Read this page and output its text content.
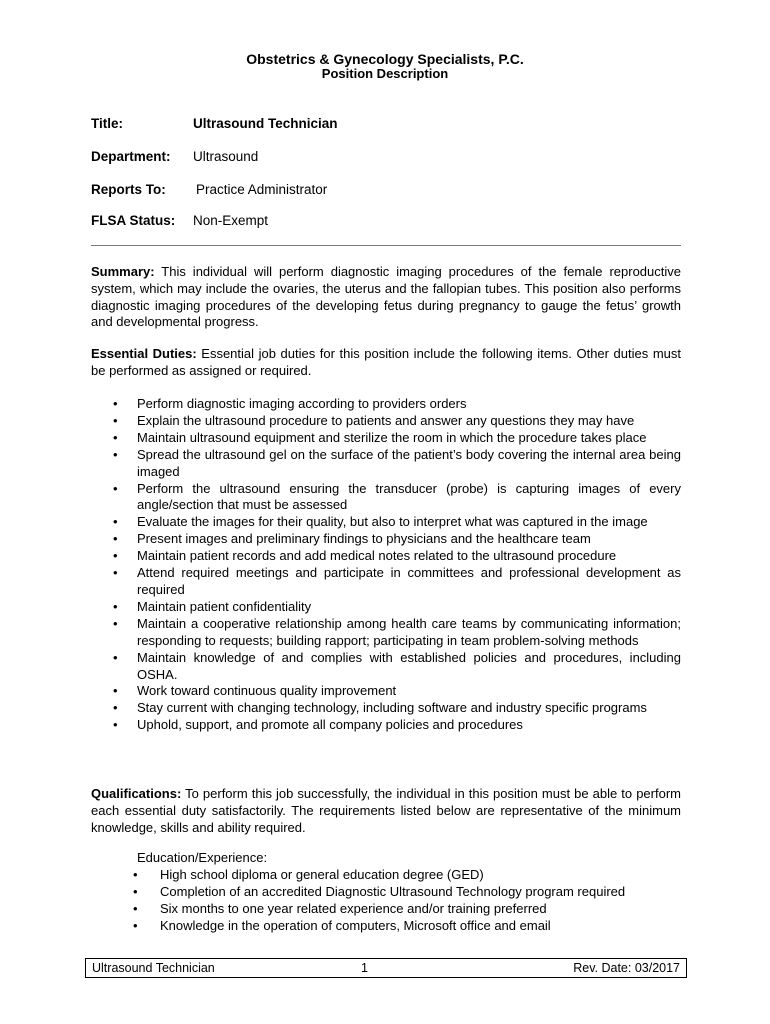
Obstetrics & Gynecology Specialists, P.C.
Position Description
Title:	Ultrasound Technician
Department: Ultrasound
Reports To: Practice Administrator
FLSA Status: Non-Exempt
Summary: This individual will perform diagnostic imaging procedures of the female reproductive system, which may include the ovaries, the uterus and the fallopian tubes. This position also performs diagnostic imaging procedures of the developing fetus during pregnancy to gauge the fetus’ growth and developmental progress.
Essential Duties: Essential job duties for this position include the following items. Other duties must be performed as assigned or required.
• Perform diagnostic imaging according to providers orders
• Explain the ultrasound procedure to patients and answer any questions they may have
• Maintain ultrasound equipment and sterilize the room in which the procedure takes place
• Spread the ultrasound gel on the surface of the patient’s body covering the internal area being imaged
• Perform the ultrasound ensuring the transducer (probe) is capturing images of every angle/section that must be assessed
• Evaluate the images for their quality, but also to interpret what was captured in the image
• Present images and preliminary findings to physicians and the healthcare team
• Maintain patient records and add medical notes related to the ultrasound procedure
• Attend required meetings and participate in committees and professional development as required
• Maintain patient confidentiality
• Maintain a cooperative relationship among health care teams by communicating information; responding to requests; building rapport; participating in team problem-solving methods
• Maintain knowledge of and complies with established policies and procedures, including OSHA.
• Work toward continuous quality improvement
• Stay current with changing technology, including software and industry specific programs
• Uphold, support, and promote all company policies and procedures
Qualifications: To perform this job successfully, the individual in this position must be able to perform each essential duty satisfactorily. The requirements listed below are representative of the minimum knowledge, skills and ability required.
Education/Experience:
• High school diploma or general education degree (GED)
• Completion of an accredited Diagnostic Ultrasound Technology program required
• Six months to one year related experience and/or training preferred
• Knowledge in the operation of computers, Microsoft office and email
Ultrasound Technician	1	Rev. Date: 03/2017
